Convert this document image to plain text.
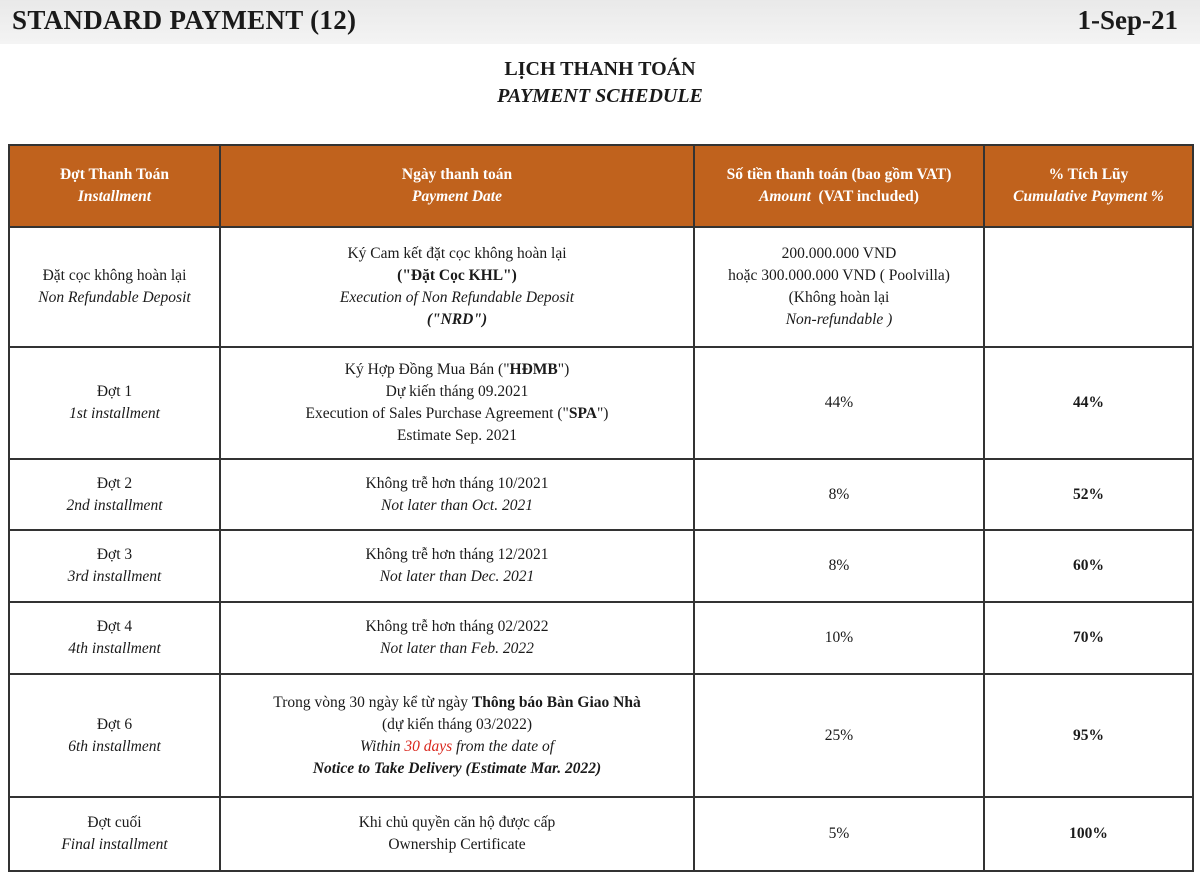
STANDARD PAYMENT (12)	1-Sep-21
LỊCH THANH TOÁN
PAYMENT SCHEDULE
Đợt Thanh Toán
Installment	Ngày thanh toán
Payment Date	Số tiền thanh toán (bao gồm VAT)
Amount (VAT included)	% Tích Lũy
Cumulative Payment %

Đặt cọc không hoàn lại
Non Refundable Deposit	Ký Cam kết đặt cọc không hoàn lại
("Đặt Cọc KHL")
Execution of Non Refundable Deposit
("NRD")	200.000.000 VND
hoặc 300.000.000 VND ( Poolvilla)
(Không hoàn lại
Non-refundable )	

Đợt 1
1st installment	Ký Hợp Đồng Mua Bán ("HĐMB")
Dự kiến tháng 09.2021
Execution of Sales Purchase Agreement ("SPA")
Estimate Sep. 2021	44%	44%

Đợt 2
2nd installment	Không trễ hơn tháng 10/2021
Not later than Oct. 2021	8%	52%

Đợt 3
3rd installment	Không trễ hơn tháng 12/2021
Not later than Dec. 2021	8%	60%

Đợt 4
4th installment	Không trễ hơn tháng 02/2022
Not later than Feb. 2022	10%	70%

Đợt 6
6th installment	Trong vòng 30 ngày kể từ ngày Thông báo Bàn Giao Nhà
(dự kiến tháng 03/2022)
Within 30 days from the date of
Notice to Take Delivery (Estimate Mar. 2022)	25%	95%

Đợt cuối
Final installment	Khi chủ quyền căn hộ được cấp
Ownership Certificate	5%	100%
